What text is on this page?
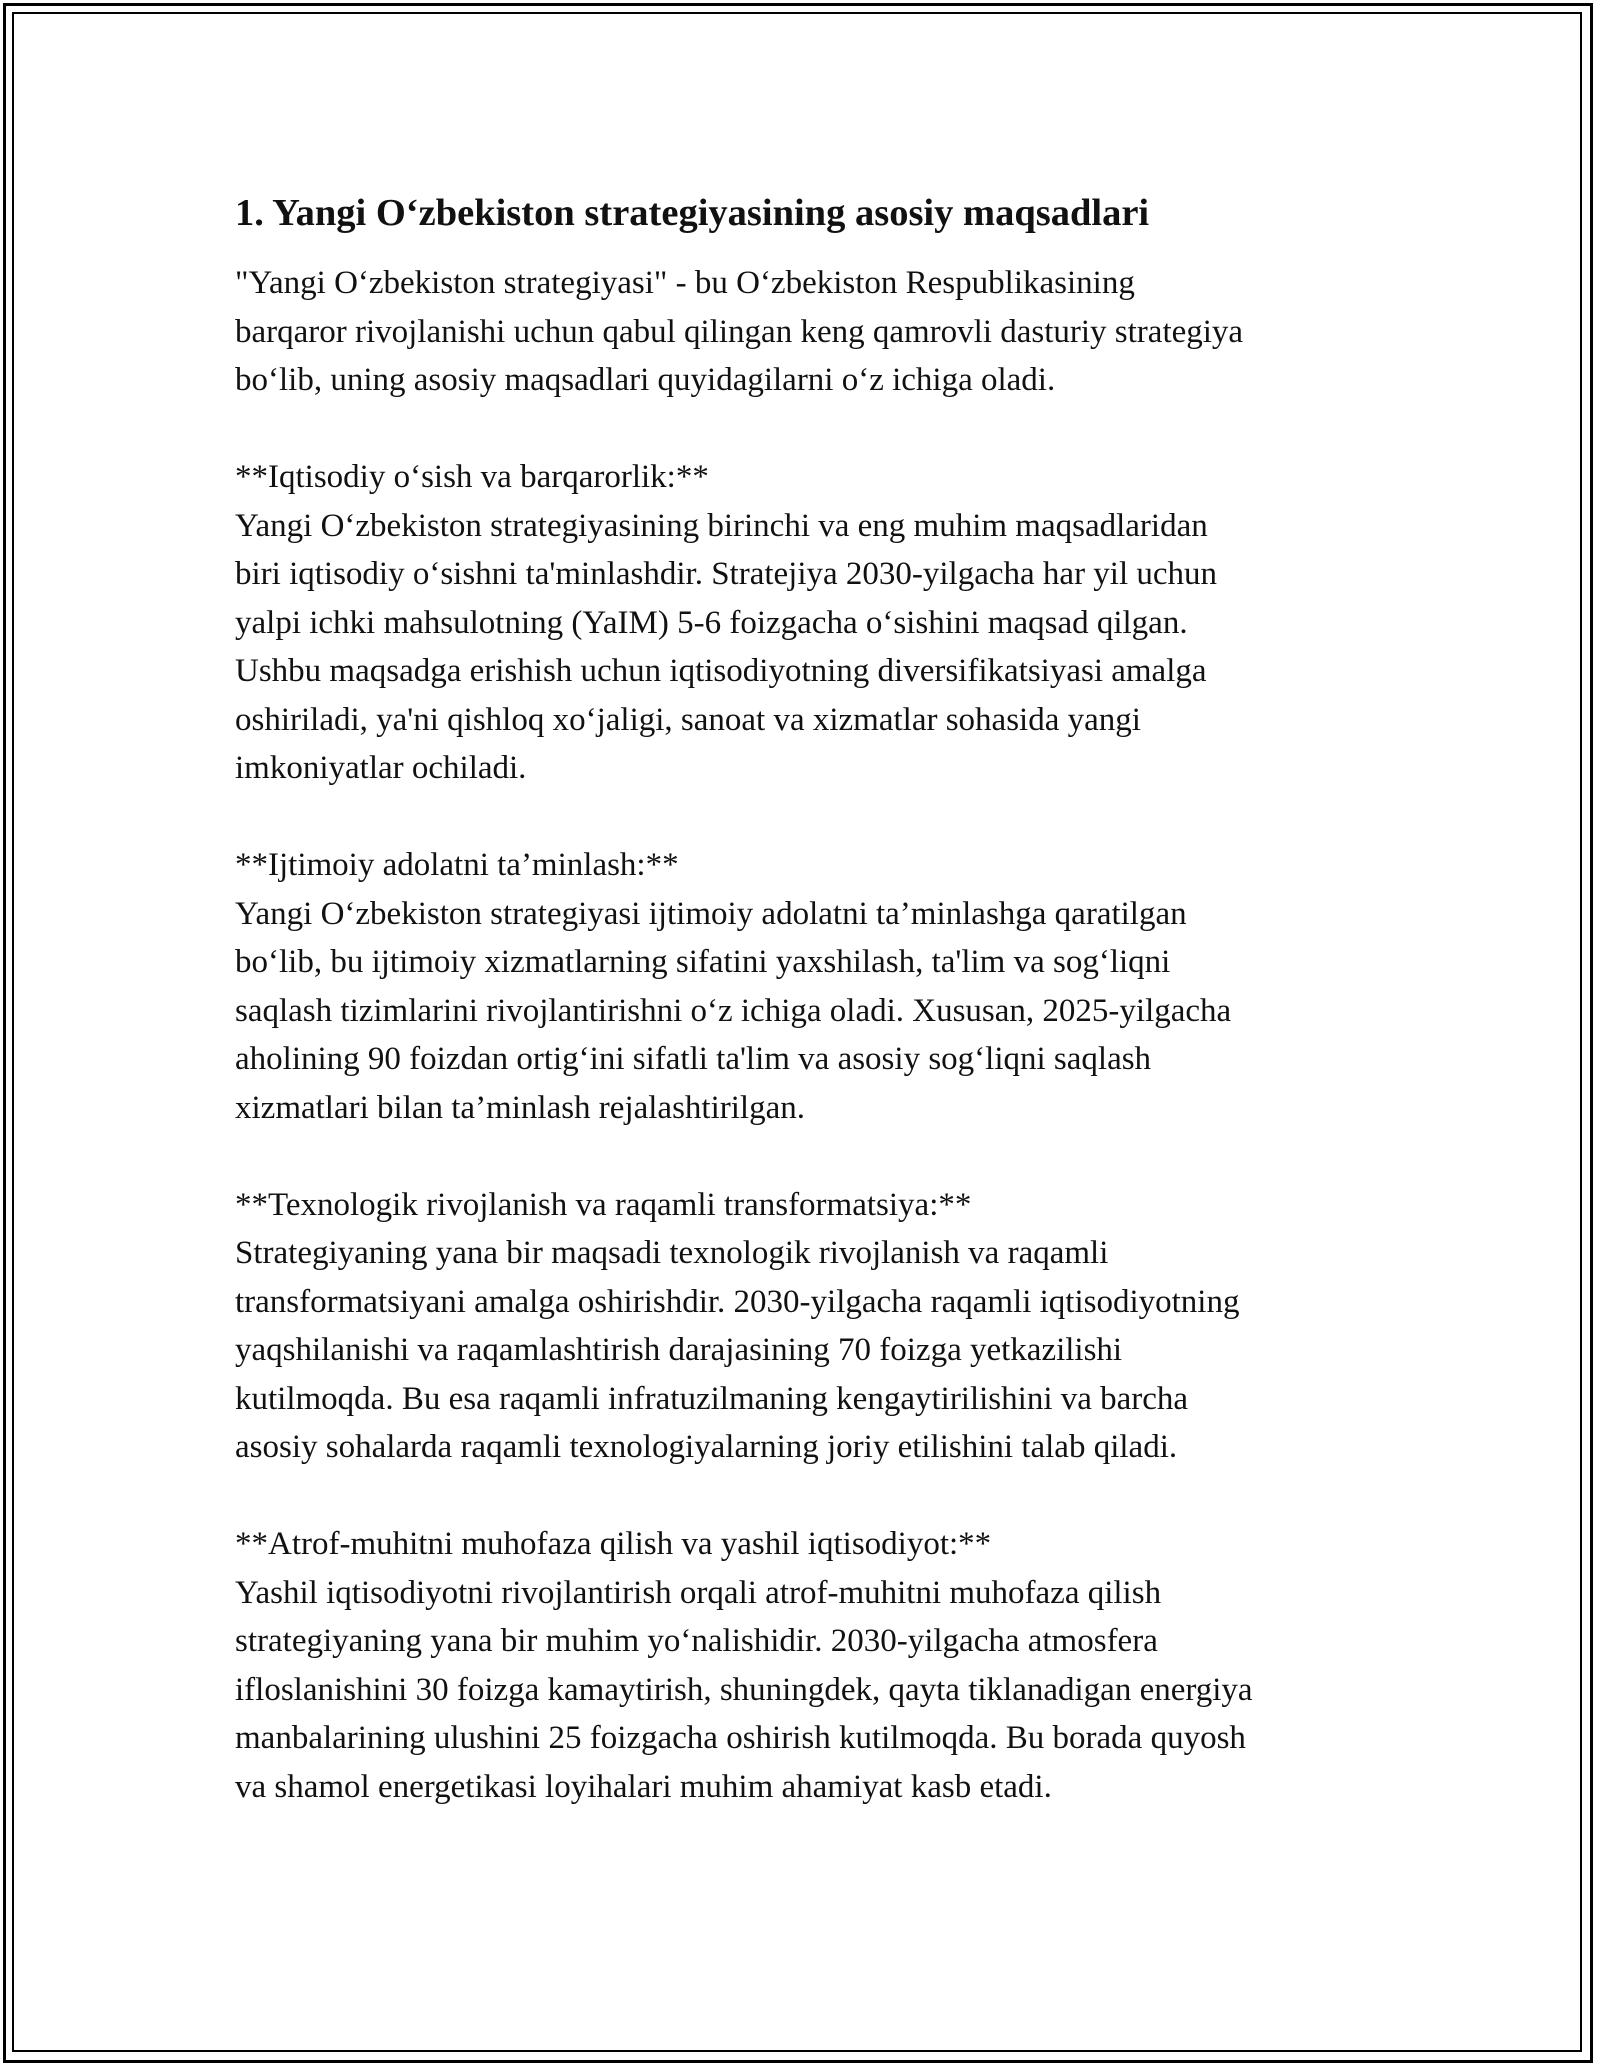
1. Yangi O‘zbekiston strategiyasining asosiy maqsadlari

"Yangi O‘zbekiston strategiyasi" - bu O‘zbekiston Respublikasining
barqaror rivojlanishi uchun qabul qilingan keng qamrovli dasturiy strategiya
bo‘lib, uning asosiy maqsadlari quyidagilarni o‘z ichiga oladi.

**Iqtisodiy o‘sish va barqarorlik:**
Yangi O‘zbekiston strategiyasining birinchi va eng muhim maqsadlaridan
biri iqtisodiy o‘sishni ta'minlashdir. Stratejiya 2030-yilgacha har yil uchun
yalpi ichki mahsulotning (YaIM) 5-6 foizgacha o‘sishini maqsad qilgan.
Ushbu maqsadga erishish uchun iqtisodiyotning diversifikatsiyasi amalga
oshiriladi, ya'ni qishloq xo‘jaligi, sanoat va xizmatlar sohasida yangi
imkoniyatlar ochiladi.

**Ijtimoiy adolatni ta’minlash:**
Yangi O‘zbekiston strategiyasi ijtimoiy adolatni ta’minlashga qaratilgan
bo‘lib, bu ijtimoiy xizmatlarning sifatini yaxshilash, ta'lim va sog‘liqni
saqlash tizimlarini rivojlantirishni o‘z ichiga oladi. Xususan, 2025-yilgacha
aholining 90 foizdan ortig‘ini sifatli ta'lim va asosiy sog‘liqni saqlash
xizmatlari bilan ta’minlash rejalashtirilgan.

**Texnologik rivojlanish va raqamli transformatsiya:**
Strategiyaning yana bir maqsadi texnologik rivojlanish va raqamli
transformatsiyani amalga oshirishdir. 2030-yilgacha raqamli iqtisodiyotning
yaqshilanishi va raqamlashtirish darajasining 70 foizga yetkazilishi
kutilmoqda. Bu esa raqamli infratuzilmaning kengaytirilishini va barcha
asosiy sohalarda raqamli texnologiyalarning joriy etilishini talab qiladi.

**Atrof-muhitni muhofaza qilish va yashil iqtisodiyot:**
Yashil iqtisodiyotni rivojlantirish orqali atrof-muhitni muhofaza qilish
strategiyaning yana bir muhim yo‘nalishidir. 2030-yilgacha atmosfera
ifloslanishini 30 foizga kamaytirish, shuningdek, qayta tiklanadigan energiya
manbalarining ulushini 25 foizgacha oshirish kutilmoqda. Bu borada quyosh
va shamol energetikasi loyihalari muhim ahamiyat kasb etadi.
